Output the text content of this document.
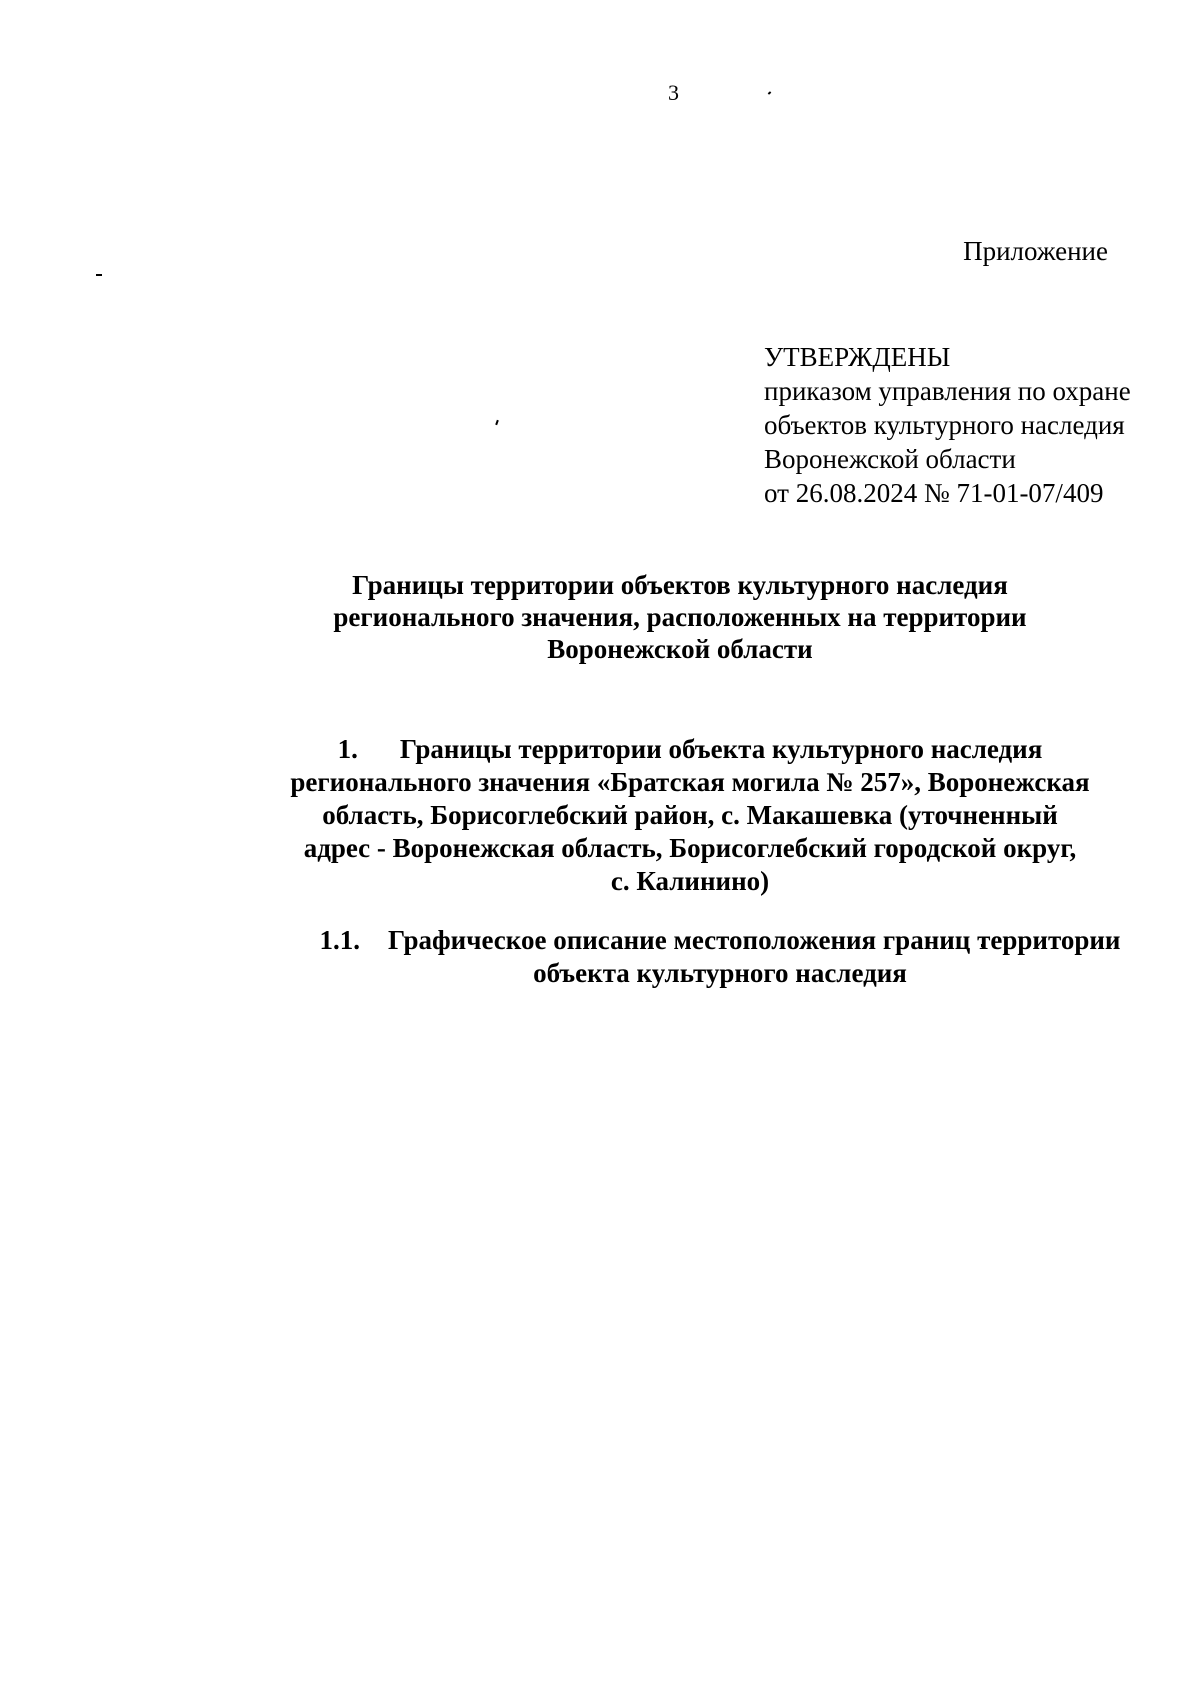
3
Приложение
УТВЕРЖДЕНЫ
приказом управления по охране
объектов культурного наследия
Воронежской области
от 26.08.2024 № 71-01-07/409
Границы территории объектов культурного наследия
регионального значения, расположенных на территории
Воронежской области
1. Границы территории объекта культурного наследия
регионального значения «Братская могила № 257», Воронежская
область, Борисоглебский район, с. Макашевка (уточненный
адрес - Воронежская область, Борисоглебский городской округ,
с. Калинино)
1.1. Графическое описание местоположения границ территории
объекта культурного наследия
